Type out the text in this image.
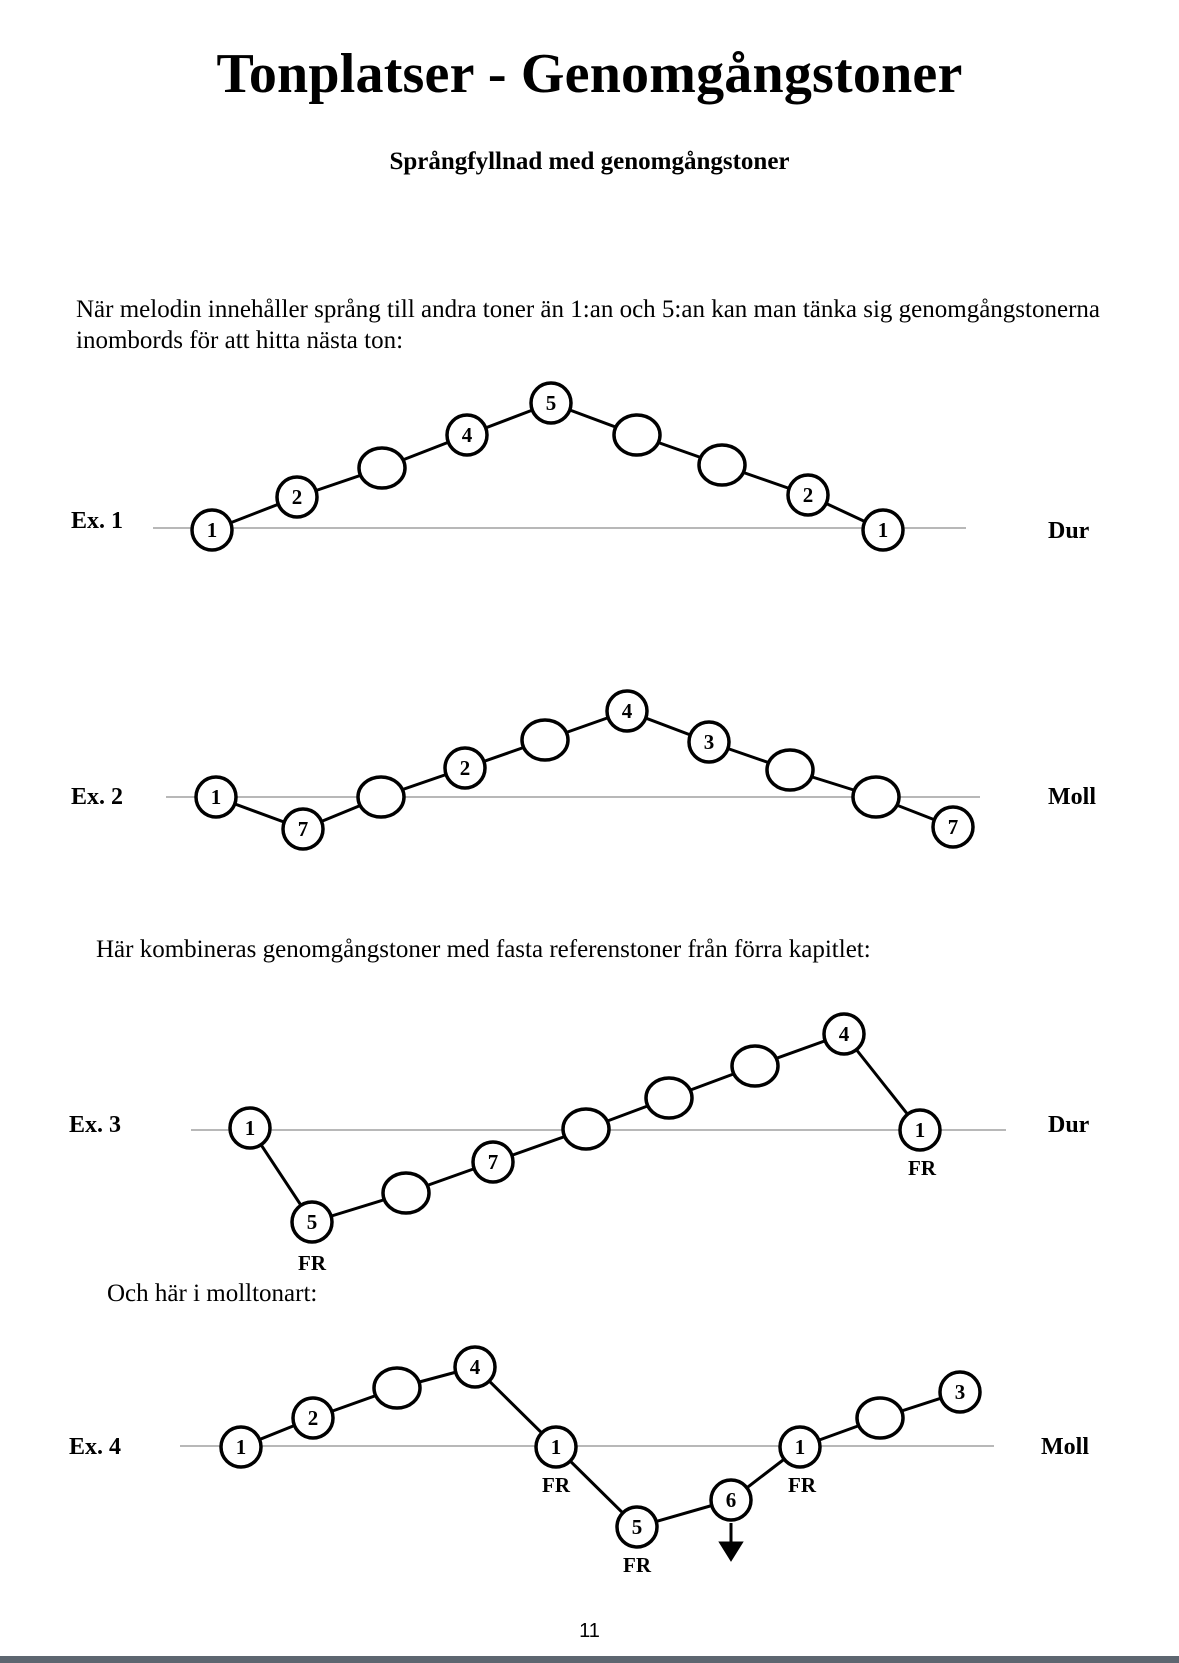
Tonplatser - Genomgångstoner
Språngfyllnad med genomgångstoner
När melodin innehåller språng till andra toner än 1:an och 5:an kan man tänka sig genomgångstonerna inombords för att hitta nästa ton:
Ex. 1	Dur
Ex. 2	Moll
Här kombineras genomgångstoner med fasta referenstoner från förra kapitlet:
Ex. 3	Dur
Och här i molltonart:
Ex. 4	Moll
1
2
4
5
2
1
1
7
2
4
3
7
1
5
7
4
1
FR
FR
1
2
4
1
5
6
1
3
FR
FR
FR
11
